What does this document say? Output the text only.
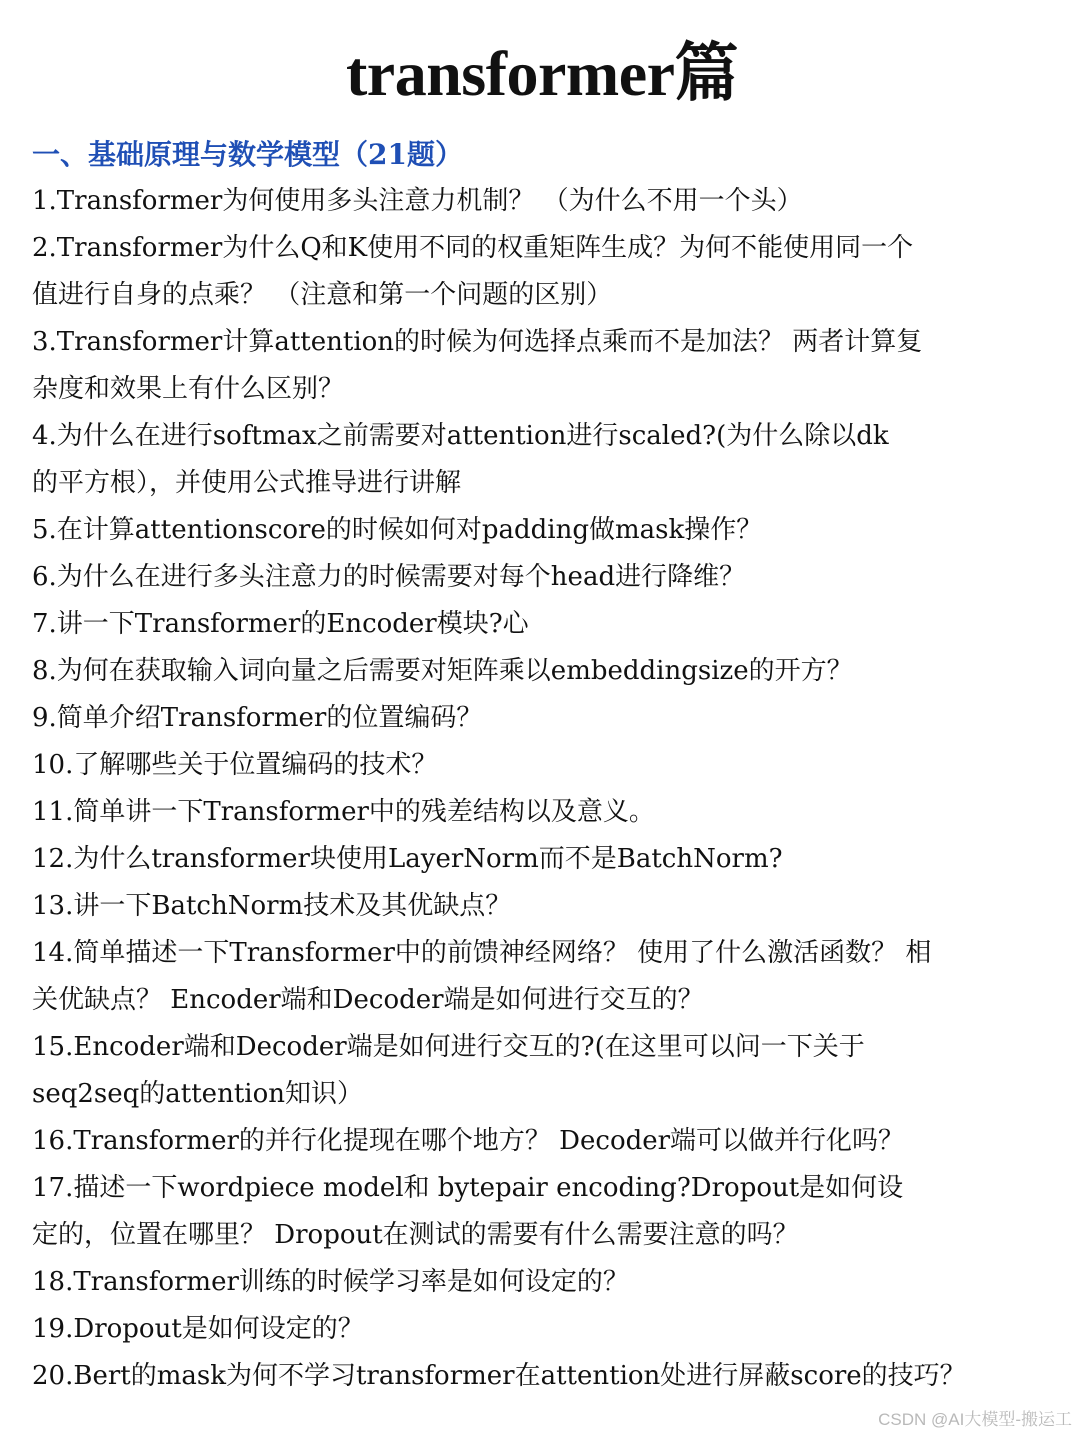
transformer篇
一、基础原理与数学模型（21题）
1.Transformer为何使用多头注意力机制？ （为什么不用一个头）
2.Transformer为什么Q和K使用不同的权重矩阵生成？为何不能使用同一个
值进行自身的点乘？ （注意和第一个问题的区别）
3.Transformer计算attention的时候为何选择点乘而不是加法？ 两者计算复
杂度和效果上有什么区别？
4.为什么在进行softmax之前需要对attention进行scaled?(为什么除以dk
的平方根），并使用公式推导进行讲解
5.在计算attentionscore的时候如何对padding做mask操作？
6.为什么在进行多头注意力的时候需要对每个head进行降维？
7.讲一下Transformer的Encoder模块?心
8.为何在获取输入词向量之后需要对矩阵乘以embeddingsize的开方？
9.简单介绍Transformer的位置编码？
10.了解哪些关于位置编码的技术？
11.简单讲一下Transformer中的残差结构以及意义。
12.为什么transformer块使用LayerNorm而不是BatchNorm?
13.讲一下BatchNorm技术及其优缺点？
14.简单描述一下Transformer中的前馈神经网络？ 使用了什么激活函数？ 相
关优缺点？ Encoder端和Decoder端是如何进行交互的？
15.Encoder端和Decoder端是如何进行交互的?(在这里可以问一下关于
seq2seq的attention知识）
16.Transformer的并行化提现在哪个地方？ Decoder端可以做并行化吗？
17.描述一下wordpiece model和 bytepair encoding?Dropout是如何设
定的，位置在哪里？ Dropout在测试的需要有什么需要注意的吗？
18.Transformer训练的时候学习率是如何设定的？
19.Dropout是如何设定的？
20.Bert的mask为何不学习transformer在attention处进行屏蔽score的技巧？
CSDN @AI大模型-搬运工
